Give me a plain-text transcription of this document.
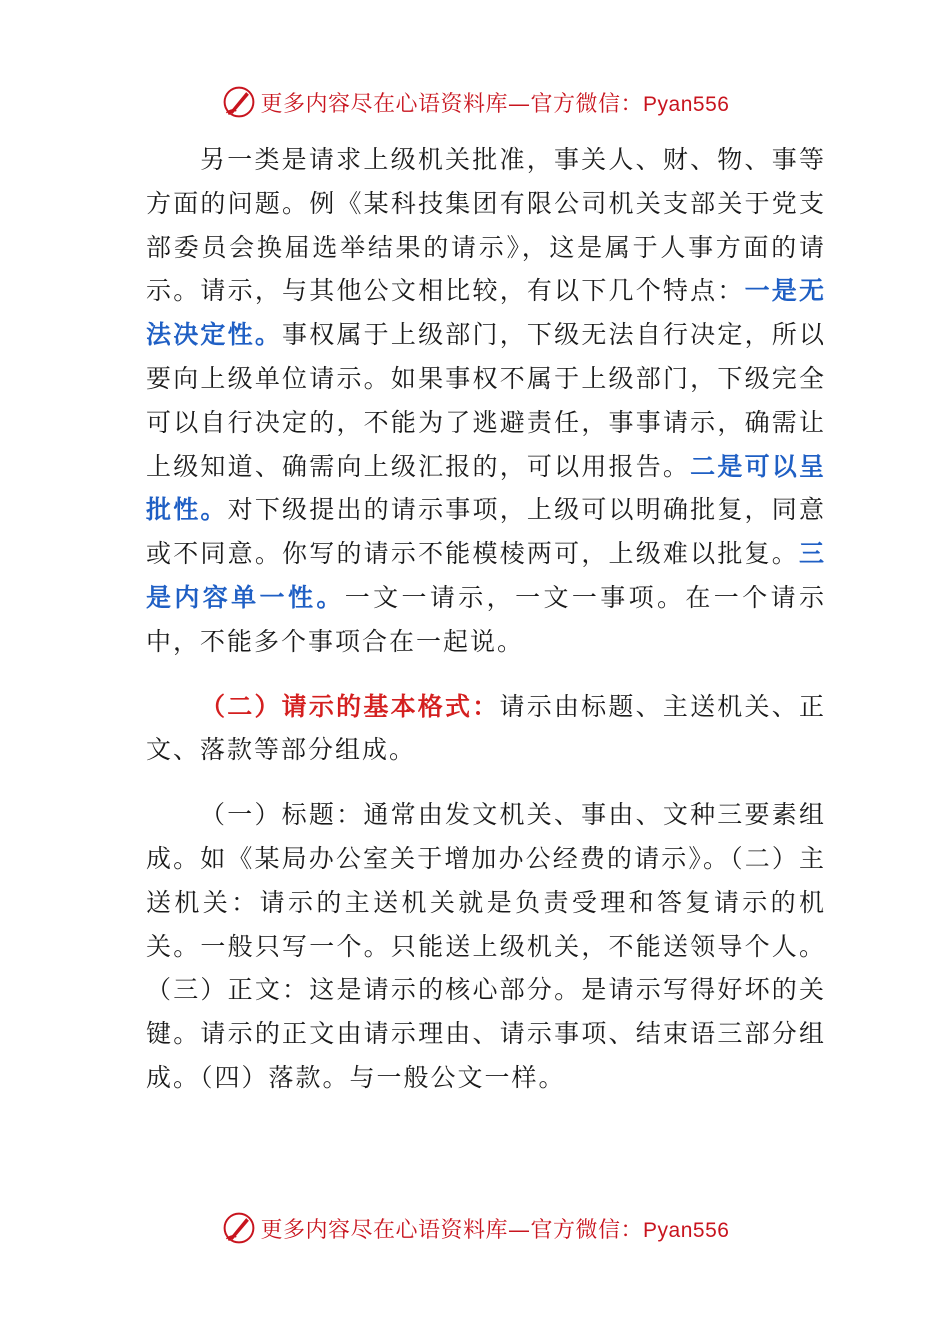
更多内容尽在心语资料库—官方微信：Pyan556

另一类是请求上级机关批准，事关人、财、物、事等方面的问题。例《某科技集团有限公司机关支部关于党支部委员会换届选举结果的请示》，这是属于人事方面的请示。请示，与其他公文相比较，有以下几个特点：一是无法决定性。事权属于上级部门，下级无法自行决定，所以要向上级单位请示。如果事权不属于上级部门，下级完全可以自行决定的，不能为了逃避责任，事事请示，确需让上级知道、确需向上级汇报的，可以用报告。二是可以呈批性。对下级提出的请示事项，上级可以明确批复，同意或不同意。你写的请示不能模棱两可，上级难以批复。三是内容单一性。一文一请示，一文一事项。在一个请示中，不能多个事项合在一起说。

（二）请示的基本格式：请示由标题、主送机关、正文、落款等部分组成。

（一）标题：通常由发文机关、事由、文种三要素组成。如《某局办公室关于增加办公经费的请示》。（二）主送机关：请示的主送机关就是负责受理和答复请示的机关。一般只写一个。只能送上级机关，不能送领导个人。（三）正文：这是请示的核心部分。是请示写得好坏的关键。请示的正文由请示理由、请示事项、结束语三部分组成。（四）落款。与一般公文一样。

更多内容尽在心语资料库—官方微信：Pyan556
